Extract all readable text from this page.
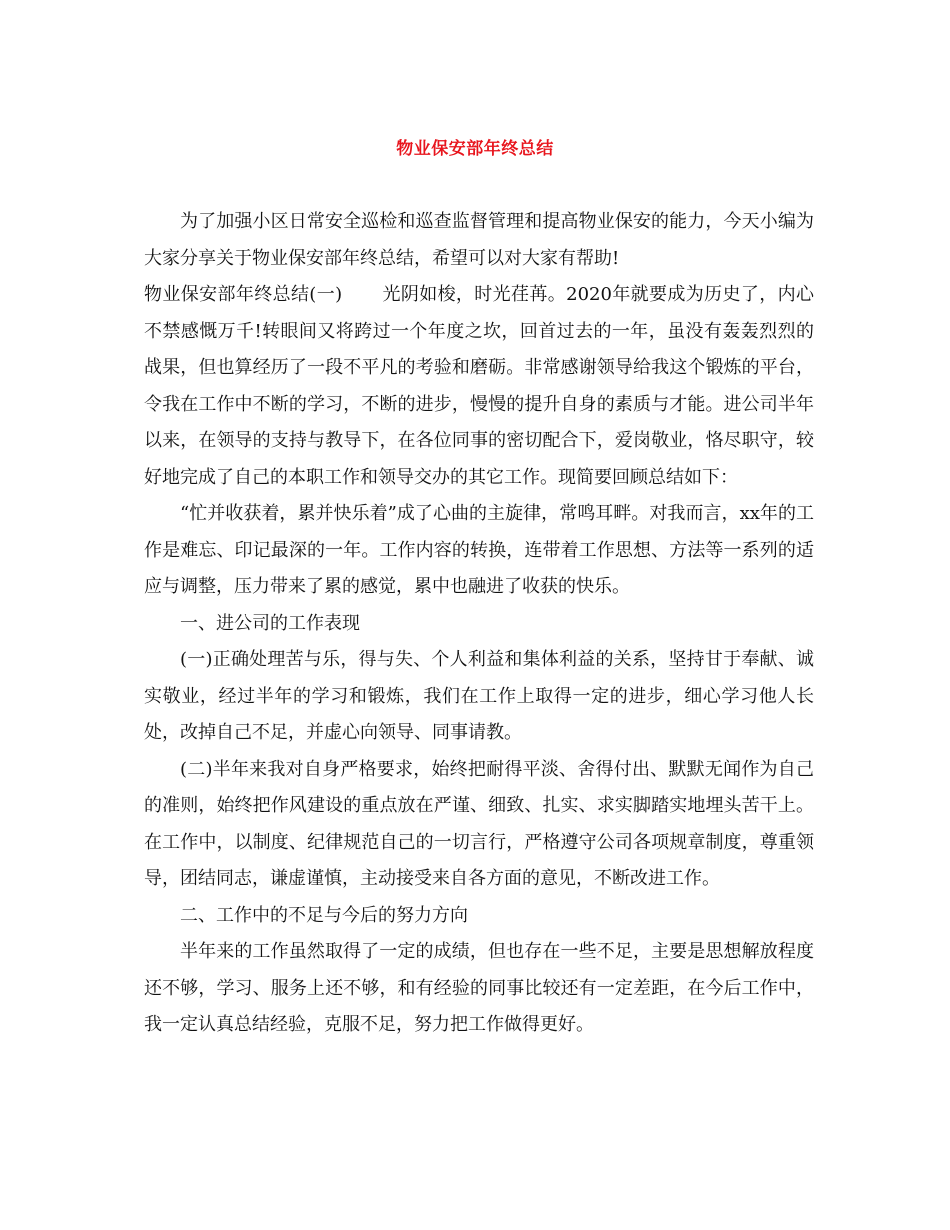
物业保安部年终总结

为了加强小区日常安全巡检和巡查监督管理和提高物业保安的能力，今天小编为大家分享关于物业保安部年终总结，希望可以对大家有帮助!

物业保安部年终总结(一) 光阴如梭，时光荏苒。2020年就要成为历史了，内心不禁感慨万千!转眼间又将跨过一个年度之坎，回首过去的一年，虽没有轰轰烈烈的战果，但也算经历了一段不平凡的考验和磨砺。非常感谢领导给我这个锻炼的平台，令我在工作中不断的学习，不断的进步，慢慢的提升自身的素质与才能。进公司半年以来，在领导的支持与教导下，在各位同事的密切配合下，爱岗敬业，恪尽职守，较好地完成了自己的本职工作和领导交办的其它工作。现简要回顾总结如下：

“忙并收获着，累并快乐着”成了心曲的主旋律，常鸣耳畔。对我而言，xx年的工作是难忘、印记最深的一年。工作内容的转换，连带着工作思想、方法等一系列的适应与调整，压力带来了累的感觉，累中也融进了收获的快乐。

一、进公司的工作表现

(一)正确处理苦与乐，得与失、个人利益和集体利益的关系，坚持甘于奉献、诚实敬业，经过半年的学习和锻炼，我们在工作上取得一定的进步，细心学习他人长处，改掉自己不足，并虚心向领导、同事请教。

(二)半年来我对自身严格要求，始终把耐得平淡、舍得付出、默默无闻作为自己的准则，始终把作风建设的重点放在严谨、细致、扎实、求实脚踏实地埋头苦干上。在工作中，以制度、纪律规范自己的一切言行，严格遵守公司各项规章制度，尊重领导，团结同志，谦虚谨慎，主动接受来自各方面的意见，不断改进工作。

二、工作中的不足与今后的努力方向

半年来的工作虽然取得了一定的成绩，但也存在一些不足，主要是思想解放程度还不够，学习、服务上还不够，和有经验的同事比较还有一定差距，在今后工作中，我一定认真总结经验，克服不足，努力把工作做得更好。
